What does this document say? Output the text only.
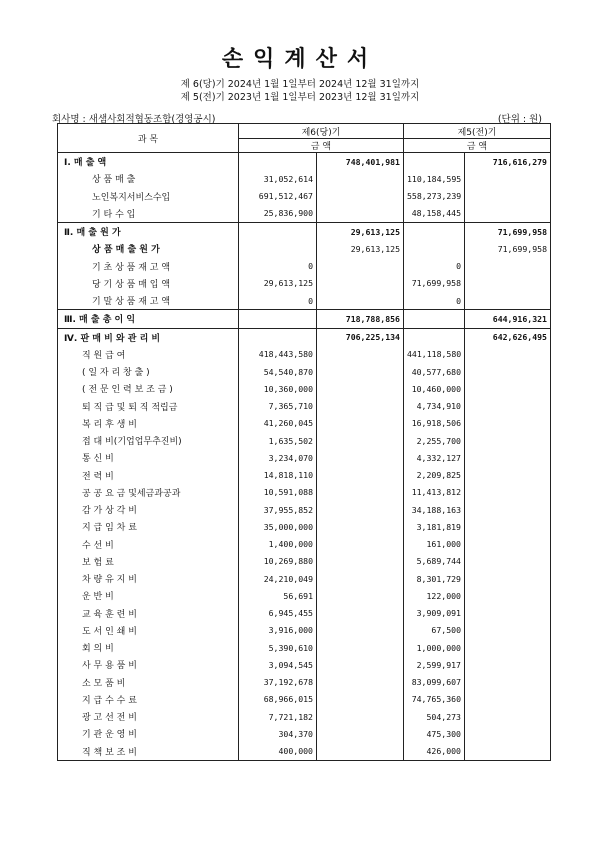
손익계산서
제 6(당)기 2024년 1월 1일부터 2024년 12월 31일까지
제 5(전)기 2023년 1월 1일부터 2023년 12월 31일까지
회사명 : 새샘사회적협동조합(경영공시)	(단위 : 원)
과 목	제6(당)기		제5(전)기	
	금 액		금 액	
Ⅰ. 매 출 액		748,401,981		716,616,279
상 품 매 출	31,052,614		110,184,595	
노인복지서비스수입	691,512,467		558,273,239	
기 타 수 입	25,836,900		48,158,445	
Ⅱ. 매 출 원 가		29,613,125		71,699,958
상 품 매 출 원 가		29,613,125		71,699,958
기 초 상 품 재 고 액	0		0	
당 기 상 품 매 입 액	29,613,125		71,699,958	
기 말 상 품 재 고 액	0		0	
Ⅲ. 매 출 총 이 익		718,788,856		644,916,321
Ⅳ. 판 매 비 와 관 리 비		706,225,134		642,626,495
직 원 급 여	418,443,580		441,118,580	
( 일 자 리 창 출 )	54,540,870		40,577,680	
( 전 문 인 력 보 조 금 )	10,360,000		10,460,000	
퇴 직 급 및 퇴 직 적립금	7,365,710		4,734,910	
복 리 후 생 비	41,260,045		16,918,506	
접 대 비(기업업무추진비)	1,635,502		2,255,700	
통 신 비	3,234,070		4,332,127	
전 력 비	14,818,110		2,209,825	
공 공 요 금 및세금과공과	10,591,088		11,413,812	
감 가 상 각 비	37,955,852		34,188,163	
지 급 임 차 료	35,000,000		3,181,819	
수 선 비	1,400,000		161,000	
보 험 료	10,269,880		5,689,744	
차 량 유 지 비	24,210,049		8,301,729	
운 반 비	56,691		122,000	
교 육 훈 련 비	6,945,455		3,909,091	
도 서 인 쇄 비	3,916,000		67,500	
회 의 비	5,390,610		1,000,000	
사 무 용 품 비	3,094,545		2,599,917	
소 모 품 비	37,192,678		83,099,607	
지 급 수 수 료	68,966,015		74,765,360	
광 고 선 전 비	7,721,182		504,273	
기 관 운 영 비	304,370		475,300	
직 책 보 조 비	400,000		426,000	
